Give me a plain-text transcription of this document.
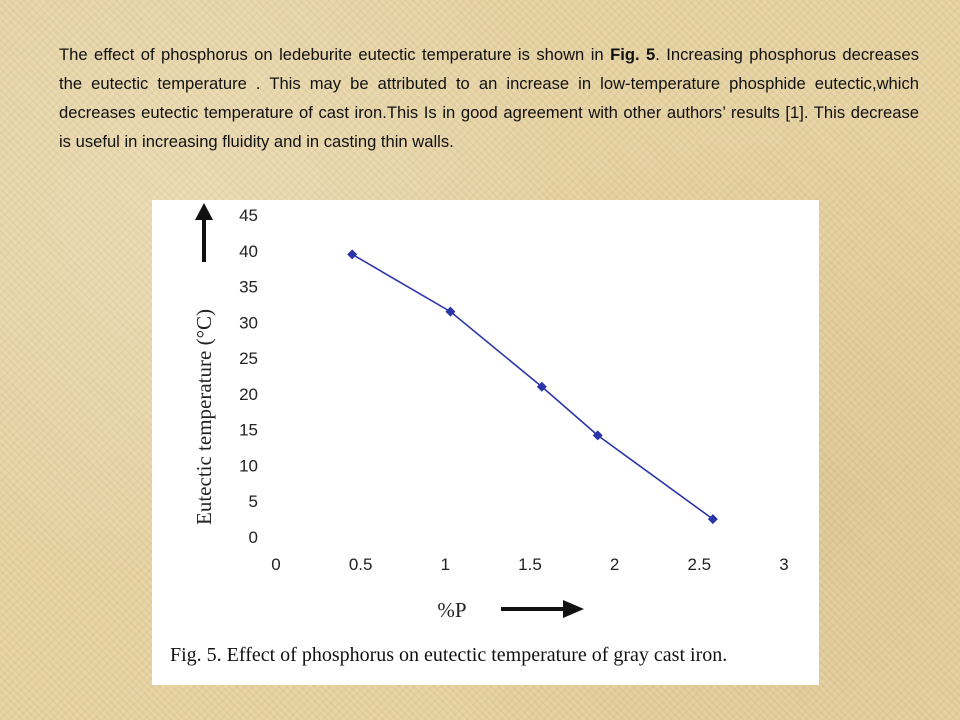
The effect of phosphorus on ledeburite eutectic temperature is shown in Fig. 5. Increasing phosphorus decreases the eutectic temperature . This may be attributed to an increase in low-temperature phosphide eutectic,which decreases eutectic temperature of cast iron.This Is in good agreement with other authors’ results [1]. This decrease is useful in increasing fluidity and in casting thin walls.

0
5
10
15
20
25
30
35
40
45
0	0.5	1	1.5	2	2.5	3
Eutectic temperature (°C)
%P
Fig. 5. Effect of phosphorus on eutectic temperature of gray cast iron.
